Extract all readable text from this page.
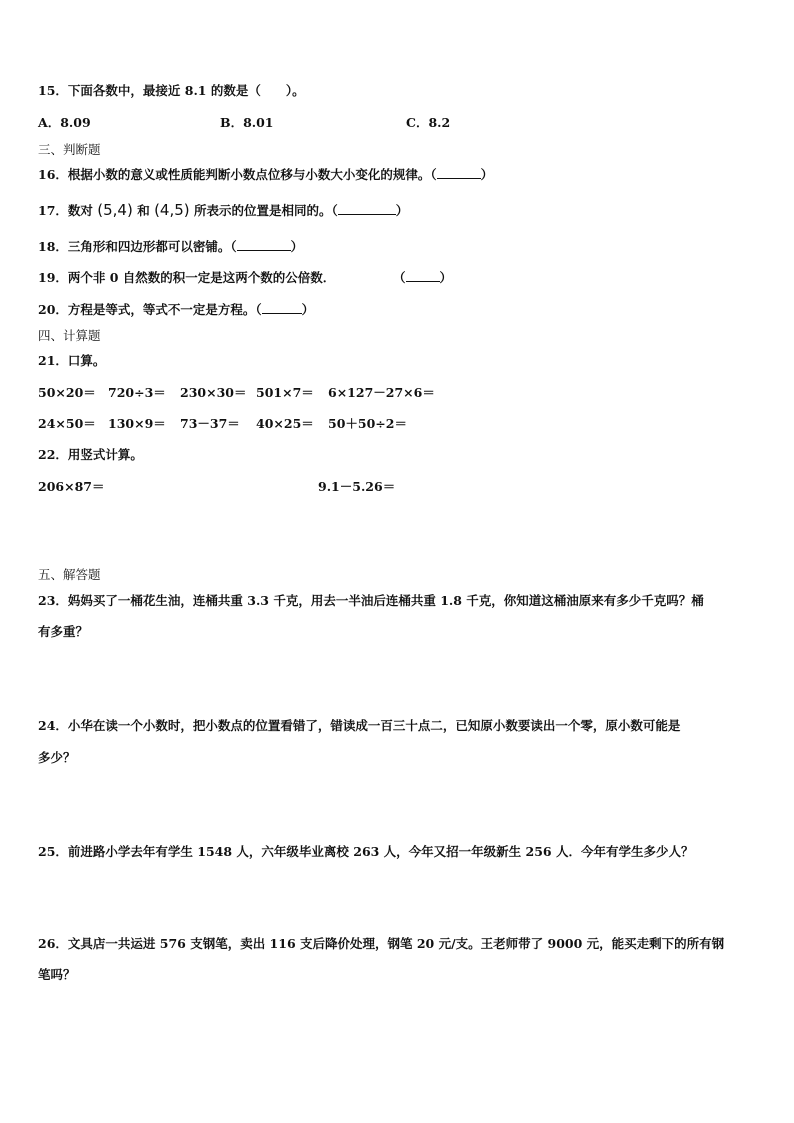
15．下面各数中，最接近 8.1 的数是（　　）。
A．8.09	B．8.01	C．8.2
三、判断题
16．根据小数的意义或性质能判断小数点位移与小数大小变化的规律。（	）
17．数对 (5,4) 和 (4,5) 所表示的位置是相同的。（	）
18．三角形和四边形都可以密铺。（	）
19．两个非 0 自然数的积一定是这两个数的公倍数．	（	）
20．方程是等式，等式不一定是方程。（	）
四、计算题
21．口算。
50×20＝ 720÷3＝ 230×30＝ 501×7＝ 6×127－27×6＝
24×50＝ 130×9＝ 73－37＝ 40×25＝ 50＋50÷2＝
22．用竖式计算。
206×87＝	9.1－5.26＝
五、解答题
23．妈妈买了一桶花生油，连桶共重 3.3 千克，用去一半油后连桶共重 1.8 千克，你知道这桶油原来有多少千克吗？桶
有多重？
24．小华在读一个小数时，把小数点的位置看错了，错读成一百三十点二，已知原小数要读出一个零，原小数可能是
多少？
25．前进路小学去年有学生 1548 人，六年级毕业离校 263 人，今年又招一年级新生 256 人．今年有学生多少人？
26．文具店一共运进 576 支钢笔，卖出 116 支后降价处理，钢笔 20 元/支。王老师带了 9000 元，能买走剩下的所有钢
笔吗？
